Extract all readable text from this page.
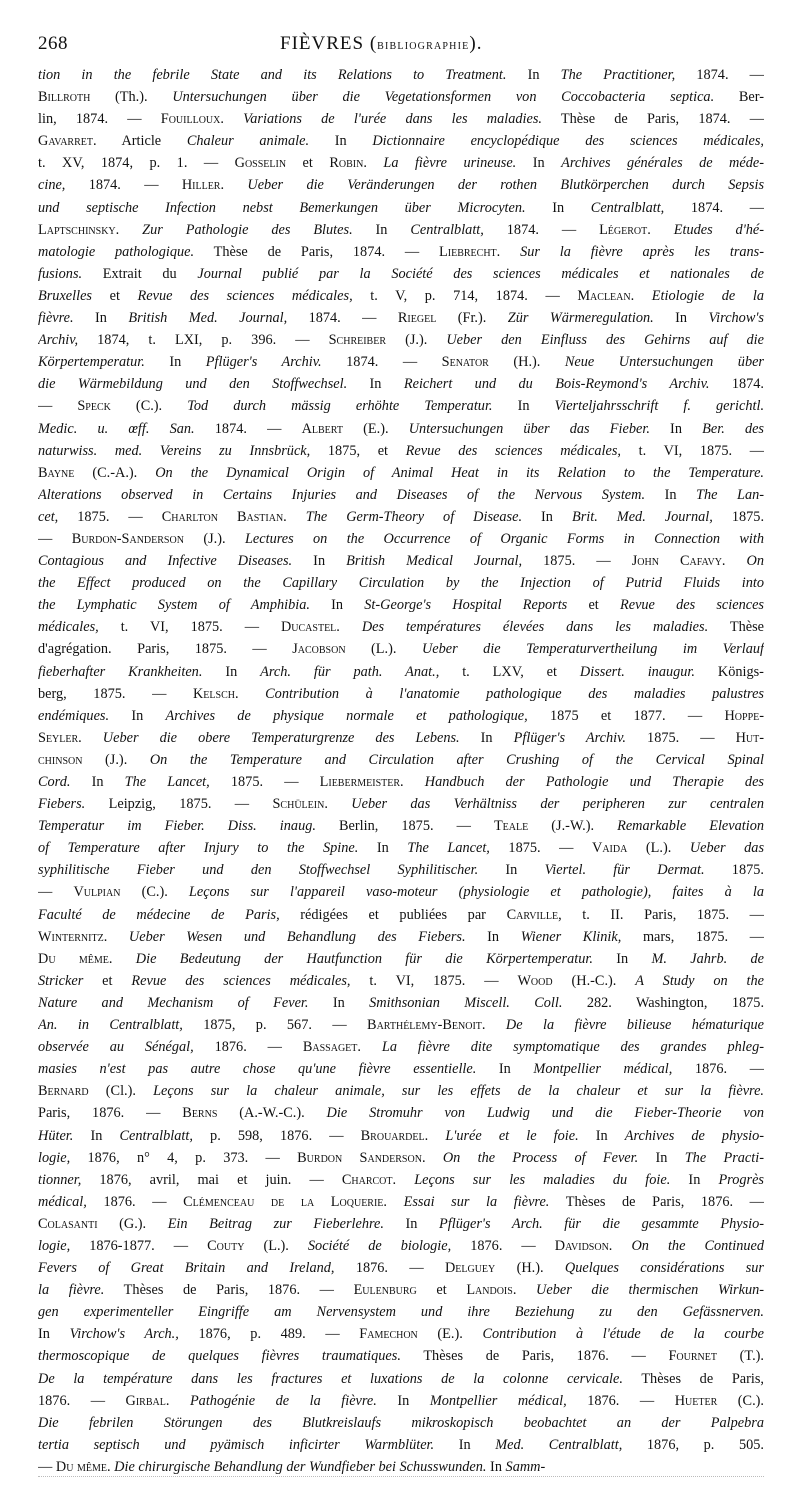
268	FIÈVRES (bibliographie).
tion in the febrile State and its Relations to Treatment. In The Practitioner, 1874. —
Billroth (Th.). Untersuchungen über die Vegetationsformen von Coccobacteria septica. Ber-
lin, 1874. — Fouilloux. Variations de l'urée dans les maladies. Thèse de Paris, 1874. —
Gavarret. Article Chaleur animale. In Dictionnaire encyclopédique des sciences médicales,
t. XV, 1874, p. 1. — Gosselin et Robin. La fièvre urineuse. In Archives générales de méde-
cine, 1874. — Hiller. Ueber die Veränderungen der rothen Blutkörperchen durch Sepsis
und septische Infection nebst Bemerkungen über Microcyten. In Centralblatt, 1874. —
Laptschinsky. Zur Pathologie des Blutes. In Centralblatt, 1874. — Légerot. Etudes d'hé-
matologie pathologique. Thèse de Paris, 1874. — Liebrecht. Sur la fièvre après les trans-
fusions. Extrait du Journal publié par la Société des sciences médicales et nationales de
Bruxelles et Revue des sciences médicales, t. V, p. 714, 1874. — Maclean. Etiologie de la
fièvre. In British Med. Journal, 1874. — Riegel (Fr.). Zür Wärmeregulation. In Virchow's
Archiv, 1874, t. LXI, p. 396. — Schreiber (J.). Ueber den Einfluss des Gehirns auf die
Körpertemperatur. In Pflüger's Archiv. 1874. — Senator (H.). Neue Untersuchungen über
die Wärmebildung und den Stoffwechsel. In Reichert und du Bois-Reymond's Archiv. 1874.
— Speck (C.). Tod durch mässig erhöhte Temperatur. In Vierteljahrsschrift f. gerichtl.
Medic. u. œff. San. 1874. — Albert (E.). Untersuchungen über das Fieber. In Ber. des
naturwiss. med. Vereins zu Innsbrück, 1875, et Revue des sciences médicales, t. VI, 1875. —
Bayne (C.-A.). On the Dynamical Origin of Animal Heat in its Relation to the Temperature.
Alterations observed in Certains Injuries and Diseases of the Nervous System. In The Lan-
cet, 1875. — Charlton Bastian. The Germ-Theory of Disease. In Brit. Med. Journal, 1875.
— Burdon-Sanderson (J.). Lectures on the Occurrence of Organic Forms in Connection with
Contagious and Infective Diseases. In British Medical Journal, 1875. — John Cafavy. On
the Effect produced on the Capillary Circulation by the Injection of Putrid Fluids into
the Lymphatic System of Amphibia. In St-George's Hospital Reports et Revue des sciences
médicales, t. VI, 1875. — Ducastel. Des températures élevées dans les maladies. Thèse
d'agrégation. Paris, 1875. — Jacobson (L.). Ueber die Temperaturvertheilung im Verlauf
fieberhafter Krankheiten. In Arch. für path. Anat., t. LXV, et Dissert. inaugur. Königs-
berg, 1875. — Kelsch. Contribution à l'anatomie pathologique des maladies palustres
endémiques. In Archives de physique normale et pathologique, 1875 et 1877. — Hoppe-
Seyler. Ueber die obere Temperaturgrenze des Lebens. In Pflüger's Archiv. 1875. — Hut-
chinson (J.). On the Temperature and Circulation after Crushing of the Cervical Spinal
Cord. In The Lancet, 1875. — Liebermeister. Handbuch der Pathologie und Therapie des
Fiebers. Leipzig, 1875. — Schülein. Ueber das Verhältniss der peripheren zur centralen
Temperatur im Fieber. Diss. inaug. Berlin, 1875. — Teale (J.-W.). Remarkable Elevation
of Temperature after Injury to the Spine. In The Lancet, 1875. — Vaida (L.). Ueber das
syphilitische Fieber und den Stoffwechsel Syphilitischer. In Viertel. für Dermat. 1875.
— Vulpian (C.). Leçons sur l'appareil vaso-moteur (physiologie et pathologie), faites à la
Faculté de médecine de Paris, rédigées et publiées par Carville, t. II. Paris, 1875. —
Winternitz. Ueber Wesen und Behandlung des Fiebers. In Wiener Klinik, mars, 1875. —
Du même. Die Bedeutung der Hautfunction für die Körpertemperatur. In M. Jahrb. de
Stricker et Revue des sciences médicales, t. VI, 1875. — Wood (H.-C.). A Study on the
Nature and Mechanism of Fever. In Smithsonian Miscell. Coll. 282. Washington, 1875.
An. in Centralblatt, 1875, p. 567. — Barthélemy-Benoit. De la fièvre bilieuse hématurique
observée au Sénégal, 1876. — Bassaget. La fièvre dite symptomatique des grandes phleg-
masies n'est pas autre chose qu'une fièvre essentielle. In Montpellier médical, 1876. —
Bernard (Cl.). Leçons sur la chaleur animale, sur les effets de la chaleur et sur la fièvre.
Paris, 1876. — Berns (A.-W.-C.). Die Stromuhr von Ludwig und die Fieber-Theorie von
Hüter. In Centralblatt, p. 598, 1876. — Brouardel. L'urée et le foie. In Archives de physio-
logie, 1876, n° 4, p. 373. — Burdon Sanderson. On the Process of Fever. In The Practi-
tionner, 1876, avril, mai et juin. — Charcot. Leçons sur les maladies du foie. In Progrès
médical, 1876. — Clémenceau de la Loquerie. Essai sur la fièvre. Thèses de Paris, 1876. —
Colasanti (G.). Ein Beitrag zur Fieberlehre. In Pflüger's Arch. für die gesammte Physio-
logie, 1876-1877. — Couty (L.). Société de biologie, 1876. — Davidson. On the Continued
Fevers of Great Britain and Ireland, 1876. — Delguey (H.). Quelques considérations sur
la fièvre. Thèses de Paris, 1876. — Eulenburg et Landois. Ueber die thermischen Wirkun-
gen experimenteller Eingriffe am Nervensystem und ihre Beziehung zu den Gefässnerven.
In Virchow's Arch., 1876, p. 489. — Famechon (E.). Contribution à l'étude de la courbe
thermoscopique de quelques fièvres traumatiques. Thèses de Paris, 1876. — Fournet (T.).
De la température dans les fractures et luxations de la colonne cervicale. Thèses de Paris,
1876. — Girbal. Pathogénie de la fièvre. In Montpellier médical, 1876. — Hueter (C.).
Die febrilen Störungen des Blutkreislaufs mikroskopisch beobachtet an der Palpebra
tertia septisch und pyämisch inficirter Warmblüter. In Med. Centralblatt, 1876, p. 505.
— Du même. Die chirurgische Behandlung der Wundfieber bei Schusswunden. In Samm-
